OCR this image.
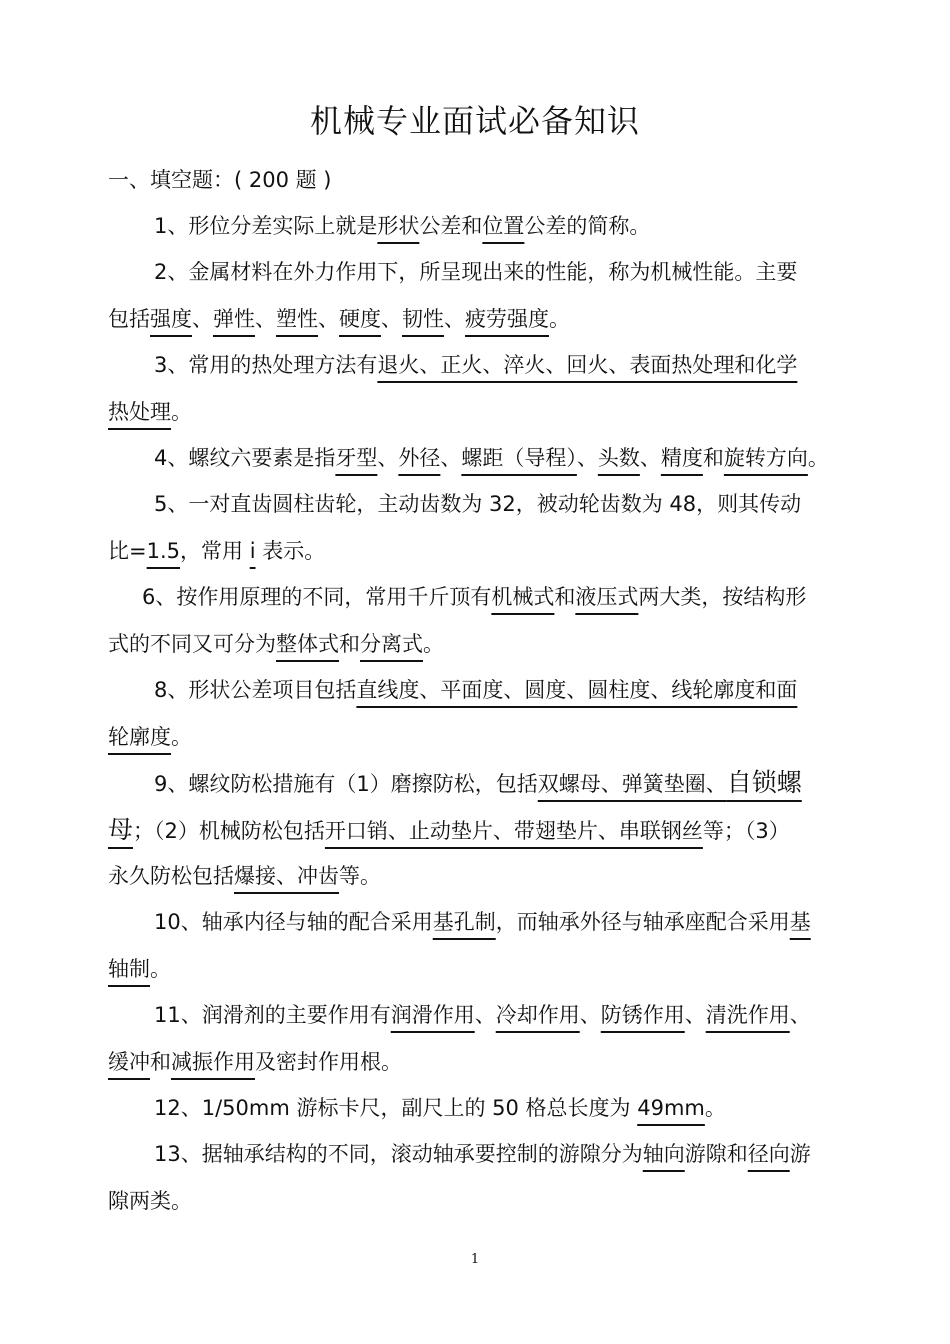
机械专业面试必备知识
一、填空题：( 200 题 )
1、形位分差实际上就是形状公差和位置公差的简称。
2、金属材料在外力作用下，所呈现出来的性能，称为机械性能。主要
包括强度、弹性、塑性、硬度、韧性、疲劳强度。
3、常用的热处理方法有退火、正火、淬火、回火、表面热处理和化学
热处理。
4、螺纹六要素是指牙型、外径、螺距（导程）、头数、精度和旋转方向。
5、一对直齿圆柱齿轮，主动齿数为 32，被动轮齿数为 48，则其传动
比=1.5，常用 i 表示。
6、按作用原理的不同，常用千斤顶有机械式和液压式两大类，按结构形
式的不同又可分为整体式和分离式。
8、形状公差项目包括直线度、平面度、圆度、圆柱度、线轮廓度和面
轮廓度。
9、螺纹防松措施有（1）磨擦防松，包括双螺母、弹簧垫圈、自锁螺
母；（2）机械防松包括开口销、止动垫片、带翅垫片、串联钢丝等；（3）
永久防松包括爆接、冲齿等。
10、轴承内径与轴的配合采用基孔制，而轴承外径与轴承座配合采用基
轴制。
11、润滑剂的主要作用有润滑作用、冷却作用、防锈作用、清洗作用、
缓冲和减振作用及密封作用根。
12、1/50mm 游标卡尺，副尺上的 50 格总长度为 49mm。
13、据轴承结构的不同，滚动轴承要控制的游隙分为轴向游隙和径向游
隙两类。
1
